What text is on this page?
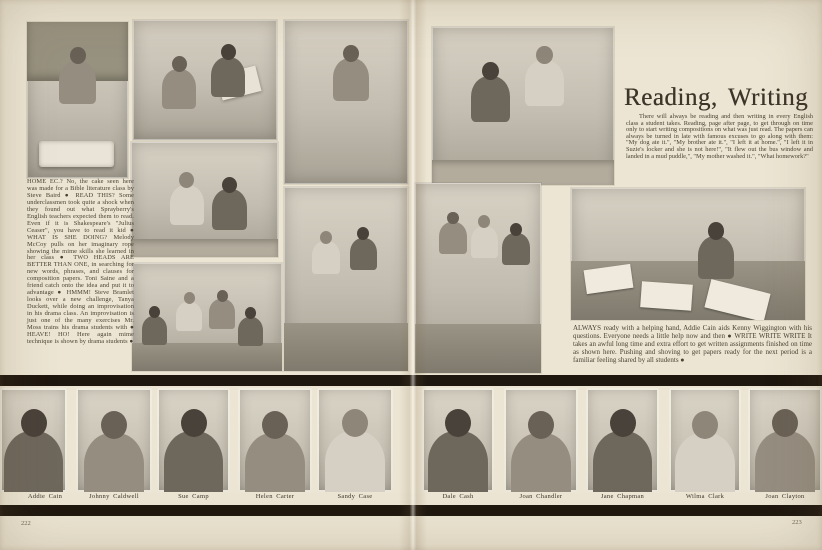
HOME EC.? No, the cake seen here was made for a Bible literature class by Steve Baird ● READ THIS? Some underclassmen took quite a shock when they found out what Sprayberry's English teachers expected them to read. Even if it is Shakespeare's "Julius Ceaser", you have to read it kid ● WHAT IS SHE DOING? Melody McCoy pulls on her imaginary rope showing the mime skills she learned in her class ● TWO HEADS ARE BETTER THAN ONE, in searching for new words, phrases, and clauses for composition papers. Toni Saine and a friend catch onto the idea and put it to advantage ● HMMM! Steve Bramlet looks over a new challenge, Tanya Duckett, while doing an improvisation in his drama class. An improvisation is just one of the many exercises Mr. Moss trains his drama students with ● HEAVE! HO! Here again mime technique is shown by drama students ●
Reading, Writing
There will always be reading and then writing in every English class a student takes. Reading, page after page, to get through on time only to start writing compositions on what was just read. The papers can always be turned in late with famous excuses to go along with them: "My dog ate it.", "My brother ate it.", "I left it at home.", "I left it in Suzie's locker and she is not here!", "It flew out the bus window and landed in a mud puddle,", "My mother washed it.", "What homework?"
ALWAYS ready with a helping hand, Addie Cain aids Kenny Wiggington with his questions. Everyone needs a little help now and then ● WRITE WRITE WRITE It takes an awful long time and extra effort to get written assignments finished on time as shown here. Pushing and shoving to get papers ready for the next period is a familiar feeling shared by all students ●
Addie Cain	Johnny Caldwell	Sue Camp	Helen Carter	Sandy Case	Dale Cash	Joan Chandler	Jane Chapman	Wilma Clark	Joan Clayton
222	223
